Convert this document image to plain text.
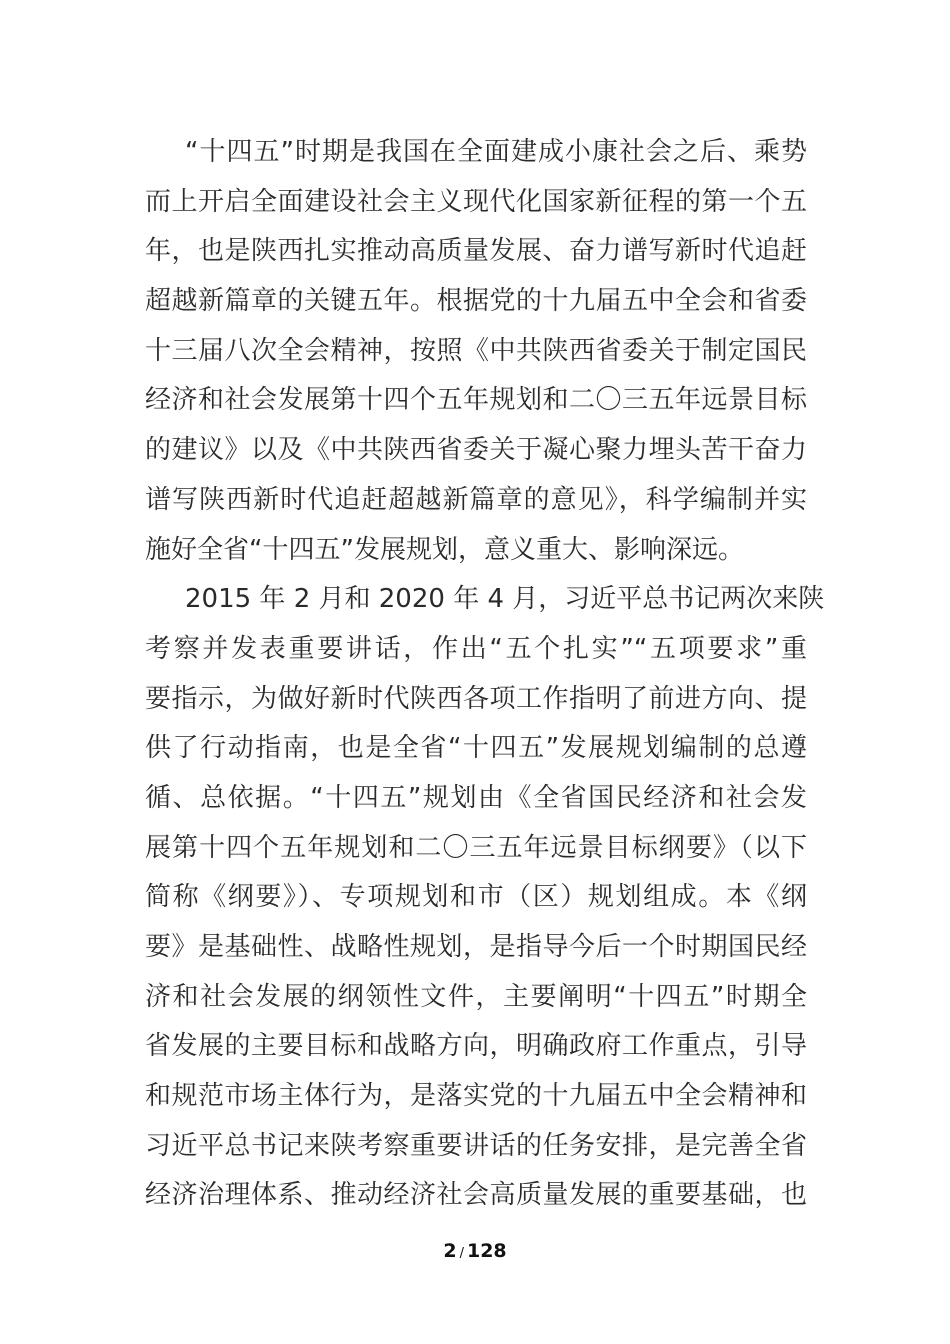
“十四五”时期是我国在全面建成小康社会之后、乘势
而上开启全面建设社会主义现代化国家新征程的第一个五
年，也是陕西扎实推动高质量发展、奋力谱写新时代追赶
超越新篇章的关键五年。根据党的十九届五中全会和省委
十三届八次全会精神，按照《中共陕西省委关于制定国民
经济和社会发展第十四个五年规划和二〇三五年远景目标
的建议》以及《中共陕西省委关于凝心聚力埋头苦干奋力
谱写陕西新时代追赶超越新篇章的意见》，科学编制并实
施好全省“十四五”发展规划，意义重大、影响深远。
2015 年 2 月和 2020 年 4 月，习近平总书记两次来陕
考察并发表重要讲话，作出“五个扎实”“五项要求”重
要指示，为做好新时代陕西各项工作指明了前进方向、提
供了行动指南，也是全省“十四五”发展规划编制的总遵
循、总依据。“十四五”规划由《全省国民经济和社会发
展第十四个五年规划和二〇三五年远景目标纲要》（以下
简称《纲要》）、专项规划和市（区）规划组成。本《纲
要》是基础性、战略性规划，是指导今后一个时期国民经
济和社会发展的纲领性文件，主要阐明“十四五”时期全
省发展的主要目标和战略方向，明确政府工作重点，引导
和规范市场主体行为，是落实党的十九届五中全会精神和
习近平总书记来陕考察重要讲话的任务安排，是完善全省
经济治理体系、推动经济社会高质量发展的重要基础，也
2 / 128
